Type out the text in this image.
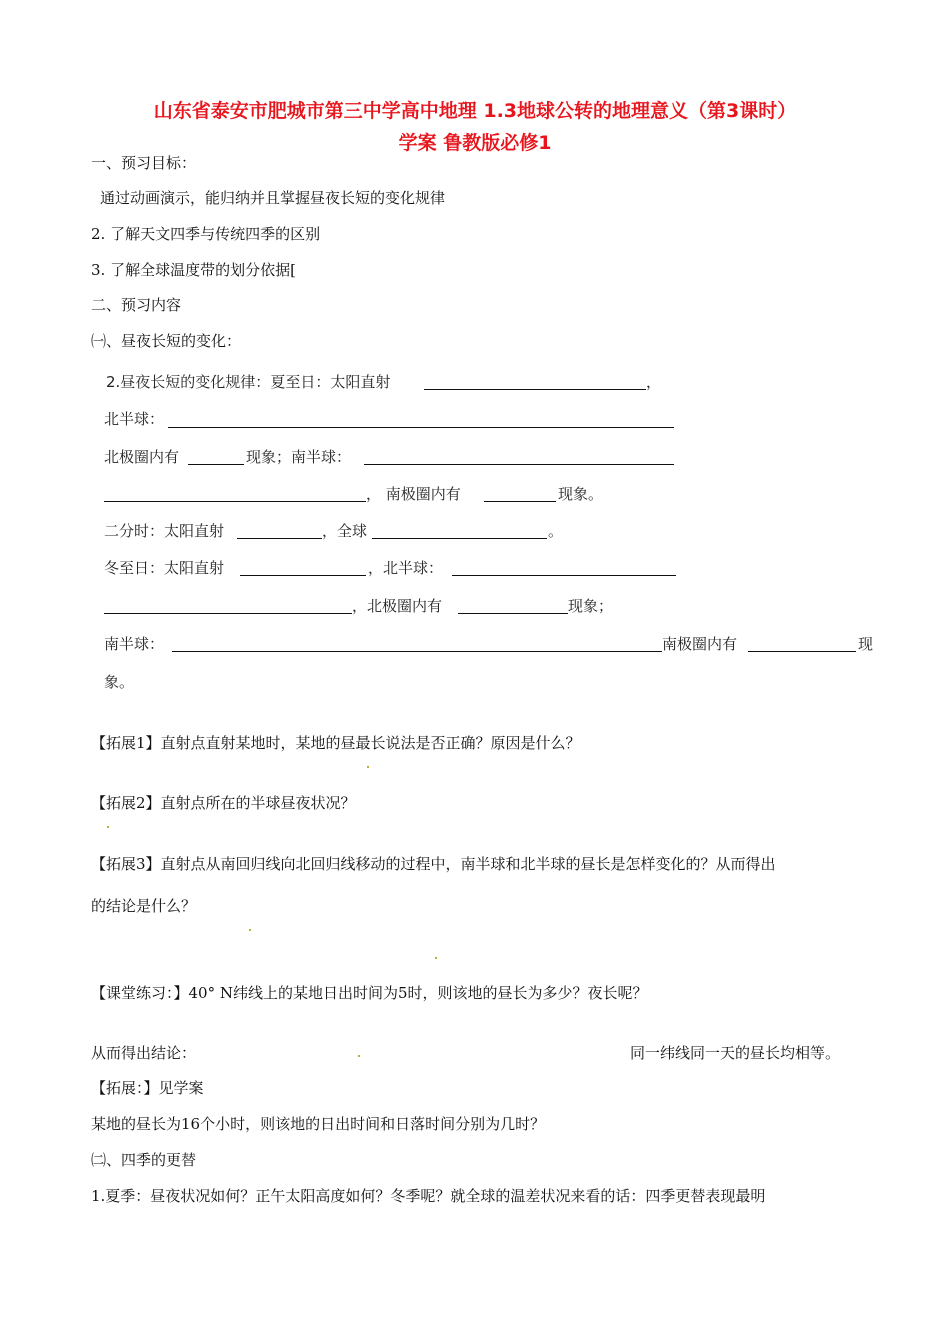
山东省泰安市肥城市第三中学高中地理 1.3地球公转的地理意义（第3课时）
学案 鲁教版必修1
一、预习目标：
通过动画演示，能归纳并且掌握昼夜长短的变化规律
2. 了解天文四季与传统四季的区别
3. 了解全球温度带的划分依据[
二、预习内容
㈠、昼夜长短的变化：
2.昼夜长短的变化规律：夏至日：太阳直射	，
北半球：
北极圈内有	现象；南半球：
， 南极圈内有	现象。
二分时：太阳直射	，全球	。
冬至日：太阳直射	，北半球：
，北极圈内有	现象；
南半球：	南极圈内有	现
象。
【拓展1】直射点直射某地时，某地的昼最长说法是否正确？原因是什么？
【拓展2】直射点所在的半球昼夜状况？
【拓展3】直射点从南回归线向北回归线移动的过程中，南半球和北半球的昼长是怎样变化的？从而得出
的结论是什么？
【课堂练习：】40° N纬线上的某地日出时间为5时，则该地的昼长为多少？夜长呢？
从而得出结论：	同一纬线同一天的昼长均相等。
【拓展：】见学案
某地的昼长为16个小时，则该地的日出时间和日落时间分别为几时？
㈡、四季的更替
1.夏季：昼夜状况如何？正午太阳高度如何？冬季呢？就全球的温差状况来看的话：四季更替表现最明
